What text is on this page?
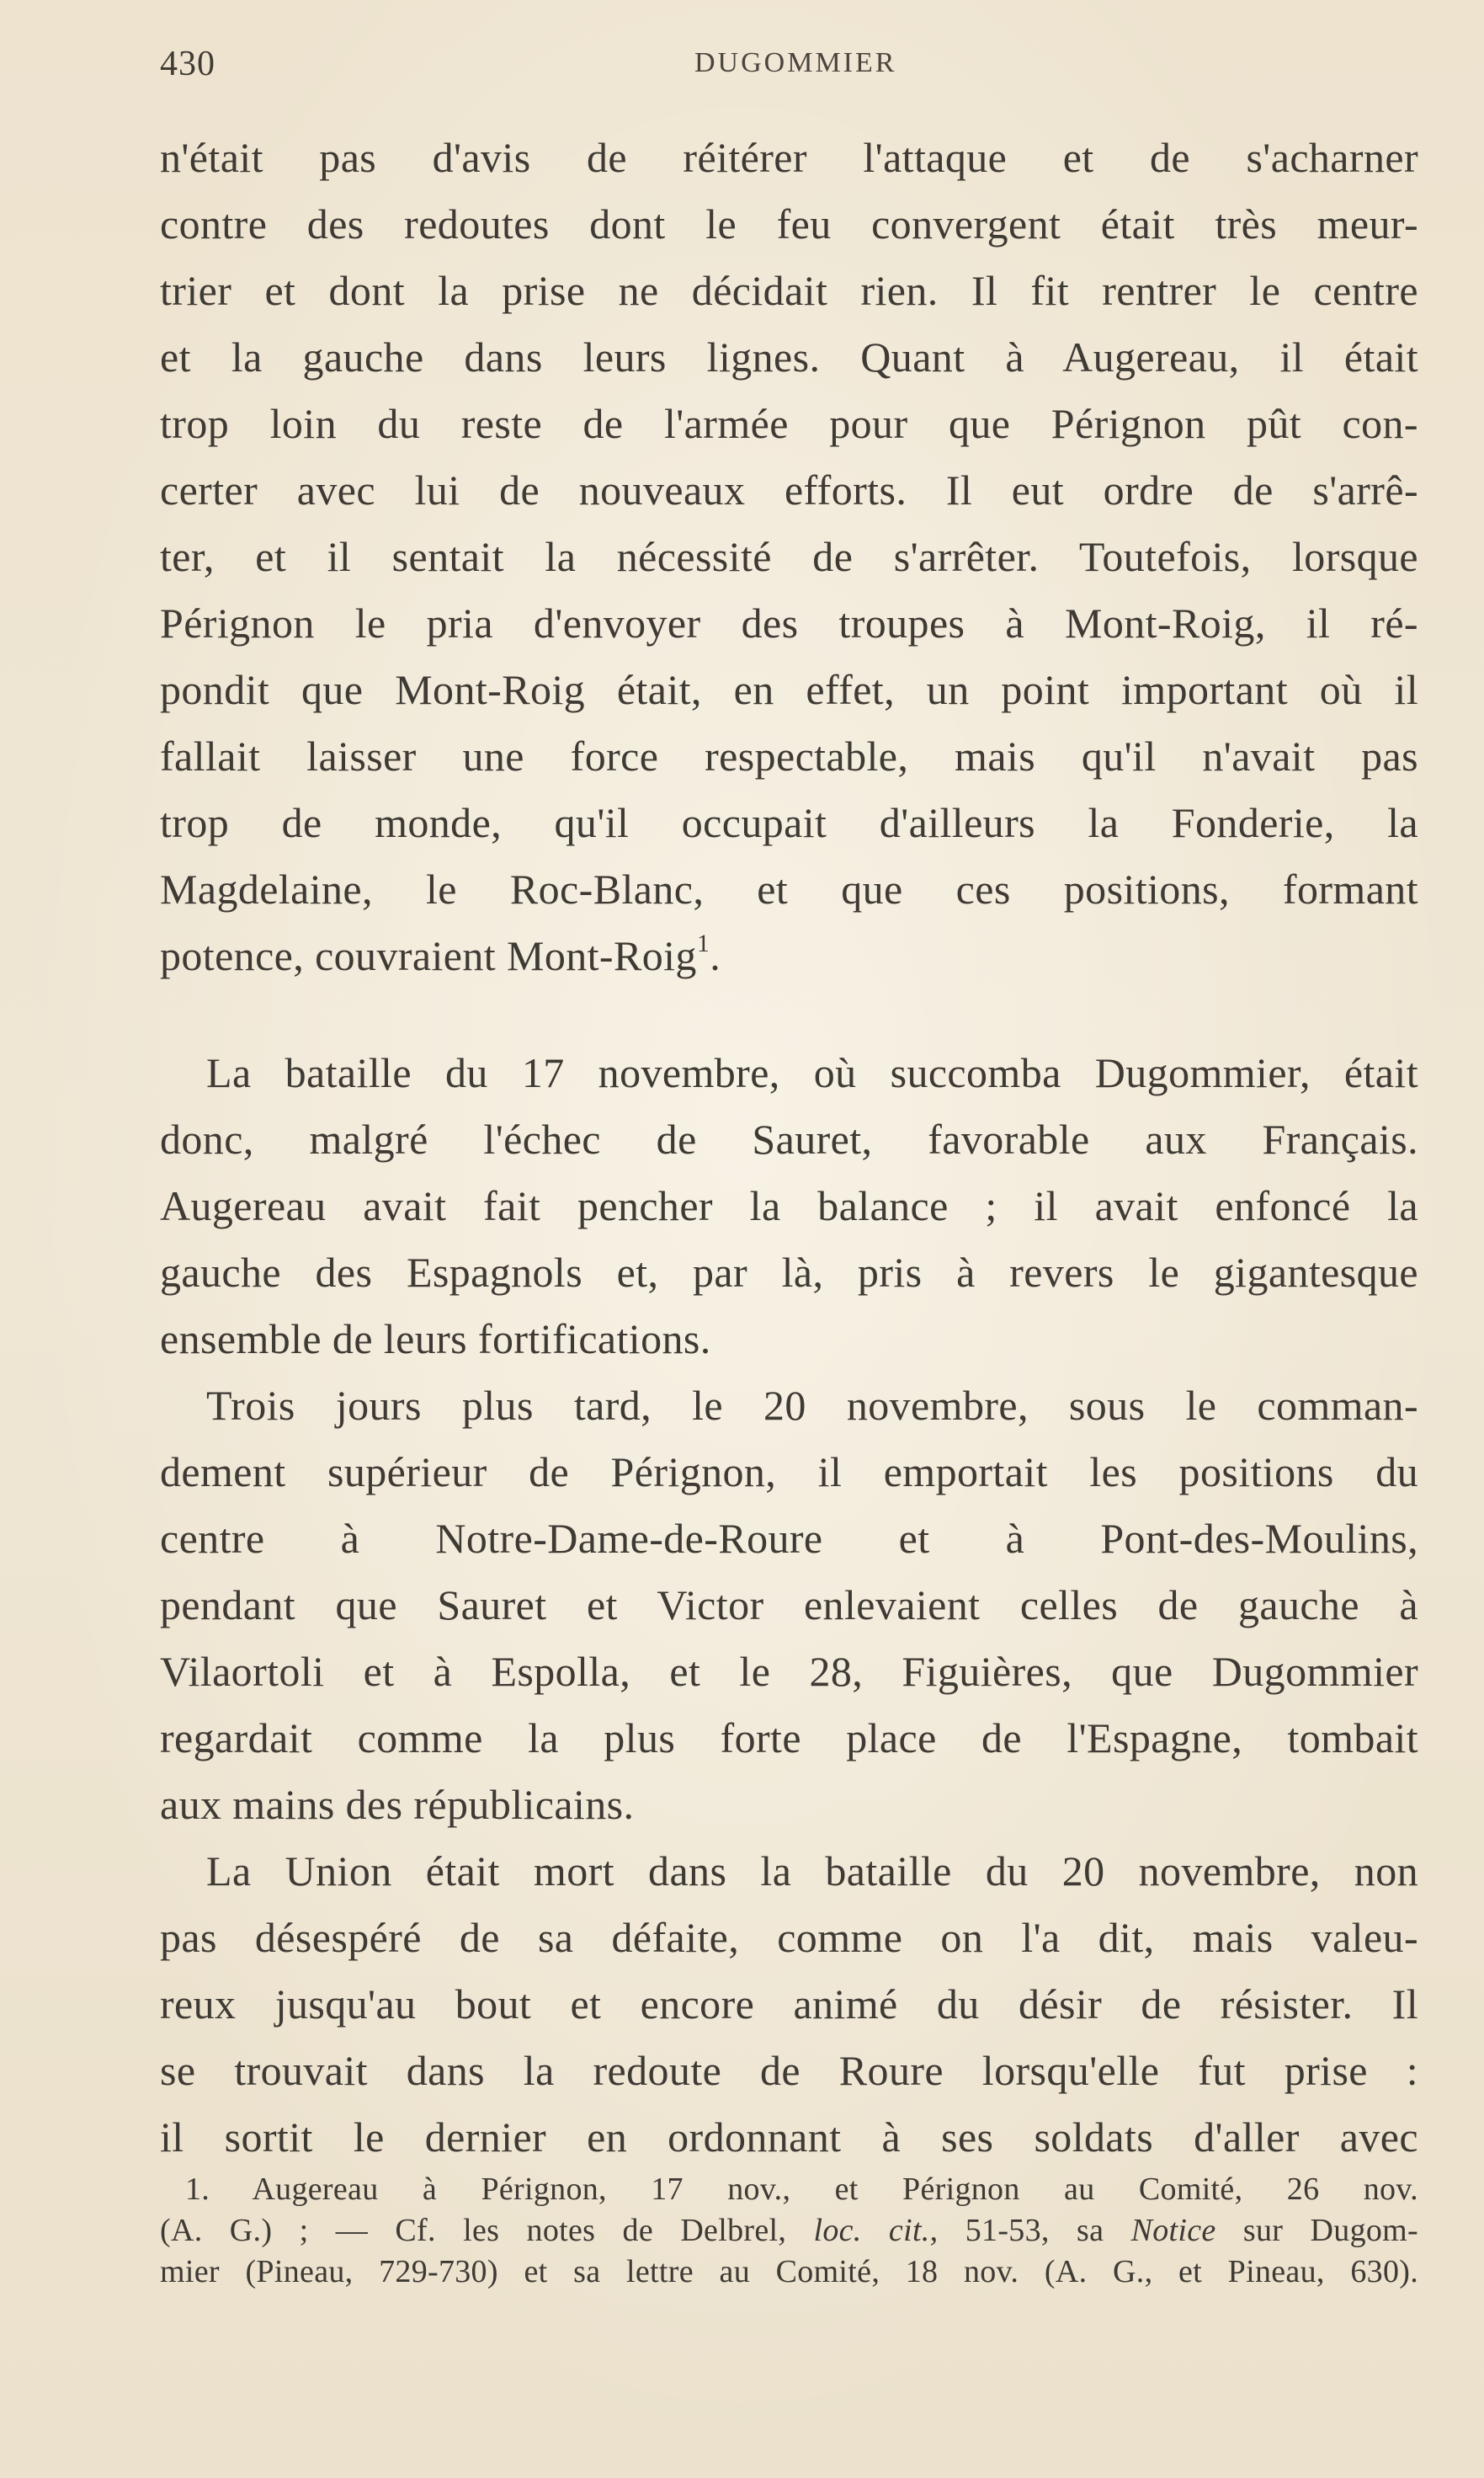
430	DUGOMMIER
n'était pas d'avis de réitérer l'attaque et de s'acharner
contre des redoutes dont le feu convergent était très meur-
trier et dont la prise ne décidait rien. Il fit rentrer le centre
et la gauche dans leurs lignes. Quant à Augereau, il était
trop loin du reste de l'armée pour que Pérignon pût con-
certer avec lui de nouveaux efforts. Il eut ordre de s'arrê-
ter, et il sentait la nécessité de s'arrêter. Toutefois, lorsque
Pérignon le pria d'envoyer des troupes à Mont-Roig, il ré-
pondit que Mont-Roig était, en effet, un point important où il
fallait laisser une force respectable, mais qu'il n'avait pas
trop de monde, qu'il occupait d'ailleurs la Fonderie, la
Magdelaine, le Roc-Blanc, et que ces positions, formant
potence, couvraient Mont-Roig$^1$.
La bataille du 17 novembre, où succomba Dugommier, était
donc, malgré l'échec de Sauret, favorable aux Français.
Augereau avait fait pencher la balance ; il avait enfoncé la
gauche des Espagnols et, par là, pris à revers le gigantesque
ensemble de leurs fortifications.
Trois jours plus tard, le 20 novembre, sous le comman-
dement supérieur de Pérignon, il emportait les positions du
centre à Notre-Dame-de-Roure et à Pont-des-Moulins,
pendant que Sauret et Victor enlevaient celles de gauche à
Vilaortoli et à Espolla, et le 28, Figuières, que Dugommier
regardait comme la plus forte place de l'Espagne, tombait
aux mains des républicains.
La Union était mort dans la bataille du 20 novembre, non
pas désespéré de sa défaite, comme on l'a dit, mais valeu-
reux jusqu'au bout et encore animé du désir de résister. Il
se trouvait dans la redoute de Roure lorsqu'elle fut prise :
il sortit le dernier en ordonnant à ses soldats d'aller avec
1. Augereau à Pérignon, 17 nov., et Pérignon au Comité, 26 nov.
(A. G.) ; — Cf. les notes de Delbrel, loc. cit., 51-53, sa Notice sur Dugom-
mier (Pineau, 729-730) et sa lettre au Comité, 18 nov. (A. G., et Pineau, 630).
